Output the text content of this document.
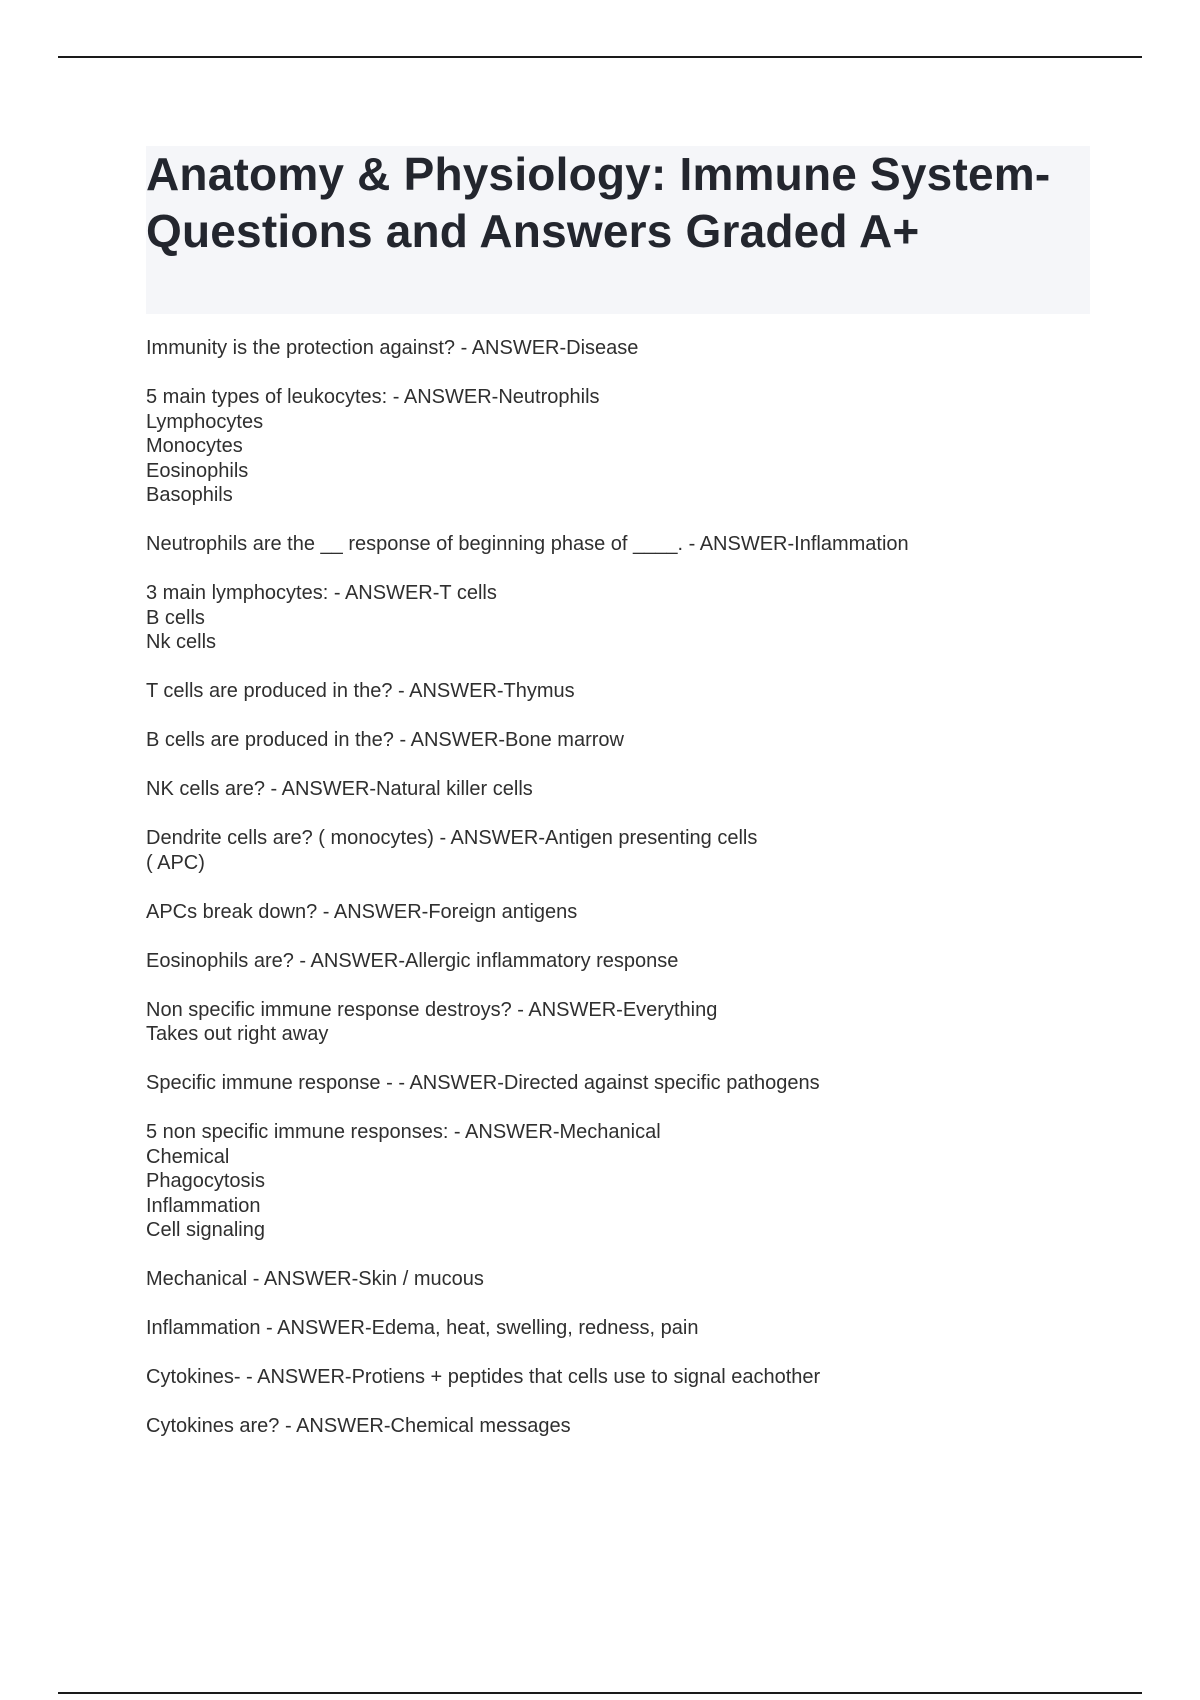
Anatomy & Physiology: Immune System-Questions and Answers Graded A+
Immunity is the protection against? - ANSWER-Disease
5 main types of leukocytes: - ANSWER-Neutrophils
Lymphocytes
Monocytes
Eosinophils
Basophils
Neutrophils are the __ response of beginning phase of ____. - ANSWER-Inflammation
3 main lymphocytes: - ANSWER-T cells
B cells
Nk cells
T cells are produced in the? - ANSWER-Thymus
B cells are produced in the? - ANSWER-Bone marrow
NK cells are? - ANSWER-Natural killer cells
Dendrite cells are? ( monocytes) - ANSWER-Antigen presenting cells
( APC)
APCs break down? - ANSWER-Foreign antigens
Eosinophils are? - ANSWER-Allergic inflammatory response
Non specific immune response destroys? - ANSWER-Everything
Takes out right away
Specific immune response - - ANSWER-Directed against specific pathogens
5 non specific immune responses: - ANSWER-Mechanical
Chemical
Phagocytosis
Inflammation
Cell signaling
Mechanical - ANSWER-Skin / mucous
Inflammation - ANSWER-Edema, heat, swelling, redness, pain
Cytokines- - ANSWER-Protiens + peptides that cells use to signal eachother
Cytokines are? - ANSWER-Chemical messages
